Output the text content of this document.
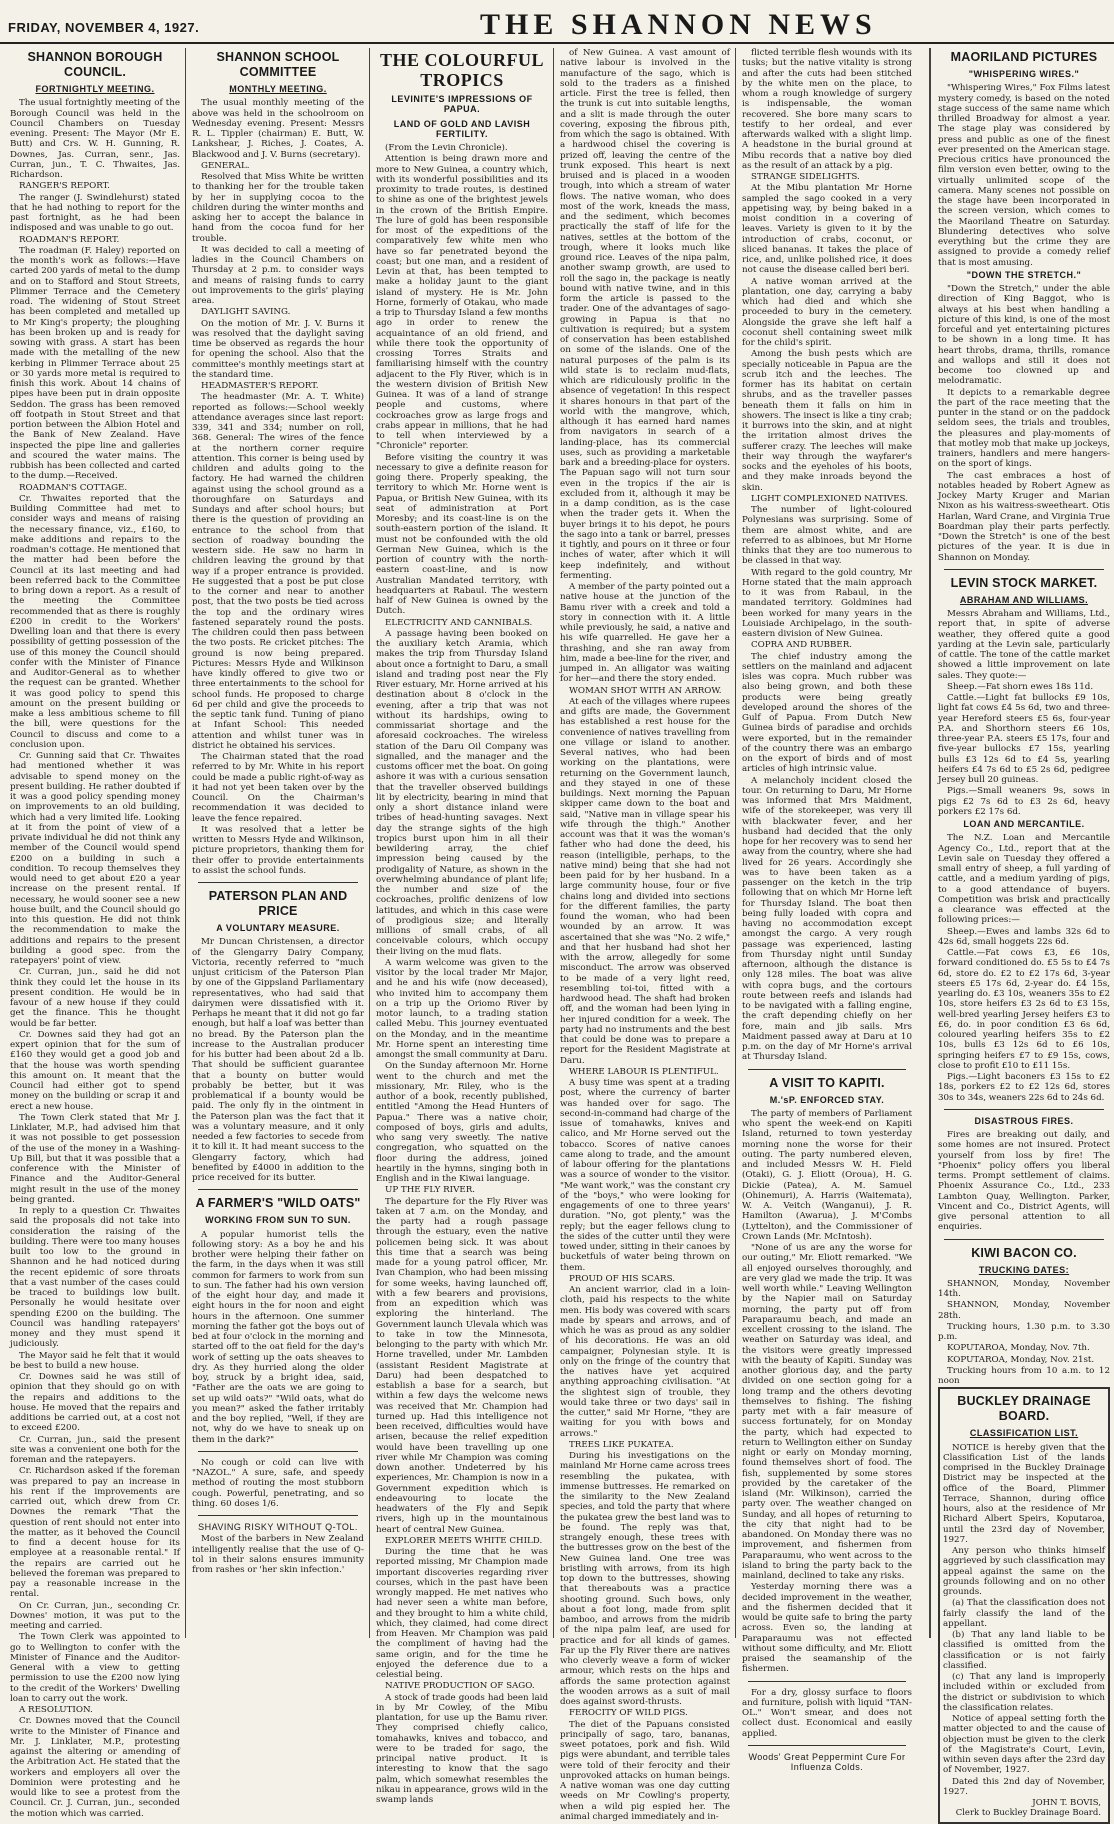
FRIDAY, NOVEMBER 4, 1927.	THE SHANNON NEWS
SHANNON BOROUGH COUNCIL.
FORTNIGHTLY MEETING.

The usual fortnightly meeting of the Borough Council was held in the Council Chambers on Tuesday evening. Present: The Mayor (Mr E. Butt) and Crs. W. H. Gunning, R. Downes, Jas. Curran, senr., Jas. Curran, jun., T. C. Thwaites, Jas. Richardson.

RANGER'S REPORT.

The ranger (J. Swindlehurst) stated that he had nothing to report for the past fortnight, as he had been indisposed and was unable to go out.

ROADMAN'S REPORT.

The roadman (F. Haley) reported on the month's work as follows:—Have carted 200 yards of metal to the dump and on to Stafford and Stout Streets, Plimmer Terrace and the Cemetery road. The widening of Stout Street has been completed and metalled up to Mr King's property; the ploughing has been broken up and is ready for sowing with grass. A start has been made with the metalling of the new kerbing in Plimmer Terrace about 25 or 30 yards more metal is required to finish this work. About 14 chains of pipes have been put in drain opposite Seddon. The grass has been removed off footpath in Stout Street and that portion between the Albion Hotel and the Bank of New Zealand. Have inspected the pipe line and galleries and scoured the water mains. The rubbish has been collected and carted to the dump.—Received.

ROADMAN'S COTTAGE.

Cr. Thwaites reported that the Building Committee had met to consider ways and means of raising the necessary finance, viz., £160, to make additions and repairs to the roadman's cottage. He mentioned that the matter had been before the Council at its last meeting and had been referred back to the Committee to bring down a report. As a result of the meeting the Committee recommended that as there is roughly £200 in credit to the Workers' Dwelling loan and that there is every possibility of getting possession of the use of this money the Council should confer with the Minister of Finance and Auditor-General as to whether the request can be granted. Whether it was good policy to spend this amount on the present building or make a less ambitious scheme to fill the bill, were questions for the Council to discuss and come to a conclusion upon.

Cr. Gunning said that Cr. Thwaites had mentioned whether it was advisable to spend money on the present building. He rather doubted if it was a good policy spending money on improvements to an old building, which had a very limited life. Looking at it from the point of view of a private individual he did not think any member of the Council would spend £200 on a building in such a condition. To recoup themselves they would need to get about £20 a year increase on the present rental. If necessary, he would sooner see a new house built, and the Council should go into this question. He did not think the recommendation to make the additions and repairs to the present building a good spec. from the ratepayers' point of view.

Cr. Curran, jun., said he did not think they could let the house in its present condition. He would be in favour of a new house if they could get the finance. This he thought would be far better.

Cr. Downes said they had got an expert opinion that for the sum of £160 they would get a good job and that the house was worth spending this amount on. It meant that the Council had either got to spend money on the building or scrap it and erect a new house.

The Town Clerk stated that Mr J. Linklater, M.P., had advised him that it was not possible to get possession of the use of the money in a Washing-Up Bill, but that it was possible that a conference with the Minister of Finance and the Auditor-General might result in the use of the money being granted.

In reply to a question Cr. Thwaites said the proposals did not take into consideration the raising of the building. There were too many houses built too low to the ground in Shannon and he had noticed during the recent epidemic of sore throats that a vast number of the cases could be traced to buildings low built. Personally he would hesitate over spending £200 on the building. The Council was handling ratepayers' money and they must spend it judiciously.

The Mayor said he felt that it would be best to build a new house.

Cr. Downes said he was still of opinion that they should go on with the repairs and additions to the house. He moved that the repairs and additions be carried out, at a cost not to exceed £200.

Cr. Curran, jun., said the present site was a convenient one both for the foreman and the ratepayers.

Cr. Richardson asked if the foreman was prepared to pay an increase in his rent if the improvements are carried out, which drew from Cr. Downes the remark "That the question of rent should not enter into the matter, as it behoved the Council to find a decent house for its employee at a reasonable rental." If the repairs are carried out he believed the foreman was prepared to pay a reasonable increase in the rental.

On Cr. Curran, jun., seconding Cr. Downes' motion, it was put to the meeting and carried.

The Town Clerk was appointed to go to Wellington to confer with the Minister of Finance and the Auditor-General with a view to getting permission to use the £200 now lying to the credit of the Workers' Dwelling loan to carry out the work.

A RESOLUTION.

Cr. Downes moved that the Council write to the Minister of Finance and Mr. J. Linklater, M.P., protesting against the altering or amending of the Arbitration Act. He stated that the workers and employers all over the Dominion were protesting and he would like to see a protest from the Council. Cr. J. Curran, jun., seconded the motion which was carried.

SHANNON SCHOOL COMMITTEE
MONTHLY MEETING.

The usual monthly meeting of the above was held in the schoolroom on Wednesday evening. Present: Messrs R. L. Tippler (chairman) E. Butt, W. Lankshear, J. Riches, J. Coates, A. Blackwood and J. V. Burns (secretary).

GENERAL.

Resolved that Miss White be written to thanking her for the trouble taken by her in supplying cocoa to the children during the winter months and asking her to accept the balance in hand from the cocoa fund for her trouble.

It was decided to call a meeting of ladies in the Council Chambers on Thursday at 2 p.m. to consider ways and means of raising funds to carry out improvements to the girls' playing area.

DAYLIGHT SAVING.

On the motion of Mr. J. V. Burns it was resolved that the daylight saving time be observed as regards the hour for opening the school. Also that the committee's monthly meetings start at the standard time.

HEADMASTER'S REPORT.

The headmaster (Mr. A. T. White) reported as follows:—School weekly attendance averages since last report: 339, 341 and 334; number on roll, 368. General: The wires of the fence at the northern corner require attention. This corner is being used by children and adults going to the factory. He had warned the children against using the school ground as a thoroughfare on Saturdays and Sundays and after school hours; but there is the question of providing an entrance to the school from that section of roadway bounding the western side. He saw no harm in children leaving the ground by that way if a proper entrance is provided. He suggested that a post be put close to the corner and near to another post, that the two posts be tied across the top and the ordinary wires fastened separately round the posts. The children could then pass between the two posts. Re cricket pitches: The ground is now being prepared. Pictures: Messrs Hyde and Wilkinson have kindly offered to give two or three entertainments to the school for school funds. He proposed to charge 6d per child and give the proceeds to the septic tank fund. Tuning of piano at Infant School: This needed attention and whilst tuner was in district he obtained his services.

The Chairman stated that the road referred to by Mr. White in his report could be made a public right-of-way as it had not yet been taken over by the Council. On the Chairman's recommendation it was decided to leave the fence repaired.

It was resolved that a letter be written to Messrs Hyde and Wilkinson, picture proprietors, thanking them for their offer to provide entertainments to assist the school funds.

PATERSON PLAN AND PRICE
A VOLUNTARY MEASURE.

Mr Duncan Christensen, a director of the Glengarry Dairy Company, Victoria, recently referred to "much unjust criticism of the Paterson Plan by one of the Gippsland Parliamentary representatives, who had said that dairymen were dissatisfied with it. Perhaps he meant that it did not go far enough, but half a loaf was better than no bread. By the Paterson plan the increase to the Australian producer for his butter had been about 2d a lb. That should be sufficient guarantee that a bounty on butter would probably be better, but it was problematical if a bounty would be paid. The only fly in the ointment in the Paterson plan was the fact that it was a voluntary measure, and it only needed a few factories to secede from it to kill it. It had meant success to the Glengarry factory, which had benefited by £4000 in addition to the price received for its butter.

A FARMER'S "WILD OATS"
WORKING FROM SUN TO SUN.

A popular humorist tells the following story: As a boy he and his brother were helping their father on the farm, in the days when it was still common for farmers to work from sun to sun. The father had his own version of the eight hour day, and made it eight hours in the for noon and eight hours in the afternoon. One summer morning the father got the boys out of bed at four o'clock in the morning and started off to the oat field for the day's work of setting up the oats sheaves to dry. As they hurried along the older boy, struck by a bright idea, said, "Father are the oats we are going to set up wild oats?" "Wild oats, what do you mean?" asked the father irritably and the boy replied, "Well, if they are not, why do we have to sneak up on them in the dark?"

No cough or cold can live with "NAZOL." A sure, safe, and speedy method of routing the most stubborn cough. Powerful, penetrating, and so thing. 60 doses 1/6.

SHAVING RISKY WITHOUT Q-TOL.

Most of the barbers in New Zealand intelligently realise that the use of Q-tol in their salons ensures immunity from rashes or 'her skin infection.'

THE COLOURFUL TROPICS
LEVINITE'S IMPRESSIONS OF PAPUA.
LAND OF GOLD AND LAVISH FERTILITY.

(From the Levin Chronicle).

Attention is being drawn more and more to New Guinea, a country which, with its wonderful possibilities and its proximity to trade routes, is destined to shine as one of the brightest jewels in the crown of the British Empire. The lure of gold has been responsible for most of the expeditions of the comparatively few white men who have so far penetrated beyond the coast; but one man, and a resident of Levin at that, has been tempted to make a holiday jaunt to the giant island of mystery. He is Mr. John Horne, formerly of Otakau, who made a trip to Thursday Island a few months ago in order to renew the acquaintance of an old friend, and while there took the opportunity of crossing Torres Straits and familiarising himself with the country adjacent to the Fly River, which is in the western division of British New Guinea. It was of a land of strange people and customs, where cockroaches grow as large frogs and crabs appear in millions, that he had to tell when interviewed by a "Chronicle" reporter.

Before visiting the country it was necessary to give a definite reason for going there. Properly speaking, the territory to which Mr. Horne went is Papua, or British New Guinea, with its seat of administration at Port Moresby; and its coast-line is on the south-eastern portion of the island. It must not be confounded with the old German New Guinea, which is the portion of country with the north-eastern coast-line, and is now Australian Mandated territory, with headquarters at Rabaul. The western half of New Guinea is owned by the Dutch.

ELECTRICITY AND CANNIBALS.

A passage having been booked on the auxiliary ketch Aramia, which makes the trip from Thursday Island about once a fortnight to Daru, a small island and trading post near the Fly River estuary, Mr. Horne arrived at his destination about 8 o'clock in the evening, after a trip that was not without its hardships, owing to commissariat shortage and the aforesaid cockroaches. The wireless station of the Daru Oil Company was signalled, and the manager and the customs officer met the boat. On going ashore it was with a curious sensation that the traveller observed buildings lit by electricity, bearing in mind that only a short distance inland were tribes of head-hunting savages. Next day the strange sights of the high tropics burst upon him in all their bewildering array, the chief impression being caused by the prodigality of Nature, as shown in the overwhelming abundance of plant life; the number and size of the cockroaches, prolific denizens of low latitudes, and which in this case were of prodigious size; and literally millions of small crabs, of all conceivable colours, which occupy their living on the mud flats.

A warm welcome was given to the visitor by the local trader Mr Major, and he and his wife (now deceased), who invited him to accompany them on a trip up the Oriomo River by motor launch, to a trading station called Mebu. This journey eventuated on the Monday, and in the meantime Mr. Horne spent an interesting time amongst the small community at Daru.

On the Sunday afternoon Mr. Horne went to the church and met the missionary, Mr. Riley, who is the author of a book, recently published, entitled "Among the Head Hunters of Papua." There was a native choir, composed of boys, girls and adults, who sang very sweetly. The native congregation, who squatted on the floor during the address, joined heartily in the hymns, singing both in English and in the Kiwai language.

UP THE FLY RIVER.

The departure for the Fly River was taken at 7 a.m. on the Monday, and the party had a rough passage through the estuary, even the native policemen being sick. It was about this time that a search was being made for a young patrol officer, Mr. Ivan Champion, who had been missing for some weeks, having launched off, with a few bearers and provisions, from an expedition which was exploring the hinterland. The Government launch Ulevala which was to take in tow the Minnesota, belonging to the party with which Mr. Horne travelled, under Mr. Lambden (assistant Resident Magistrate at Daru) had been despatched to establish a base for a search, but within a few days the welcome news was received that Mr. Champion had turned up. Had this intelligence not been received, difficulties would have arisen, because the relief expedition would have been travelling up one river while Mr Champion was coming down another. Undeterred by his experiences, Mr. Champion is now in a Government expedition which is endeavouring to locate the headwaters of the Fly and Sepik rivers, high up in the mountainous heart of central New Guinea.

EXPLORER MEETS WHITE CHILD.

During the time that he was reported missing, Mr Champion made important discoveries regarding river courses, which in the past have been wrongly mapped. He met natives who had never seen a white man before, and they brought to him a white child, which, they claimed, had come direct from Heaven. Mr Champion was paid the compliment of having had the same origin, and for the time he enjoyed the deference due to a celestial being.

NATIVE PRODUCTION OF SAGO.

A stock of trade goods had been laid in by Mr Cowley, of the Mibu plantation, for use up the Bamu river. They comprised chiefly calico, tomahawks, knives and tobacco, and were to be traded for sago, the principal native product. It is interesting to know that the sago palm, which somewhat resembles the nikau in appearance, grows wild in the swamp lands

of New Guinea. A vast amount of native labour is involved in the manufacture of the sago, which is sold to the traders as a finished article. First the tree is felled, then the trunk is cut into suitable lengths, and a slit is made through the outer covering, exposing the fibrous pith, from which the sago is obtained. With a hardwood chisel the covering is prized off, leaving the centre of the trunk exposed. This heart is next bruised and is placed in a wooden trough, into which a stream of water flows. The native woman, who does most of the work, kneads the mass, and the sediment, which becomes practically the staff of life for the natives, settles at the bottom of the trough, where it looks much like ground rice. Leaves of the nipa palm, another swamp growth, are used to roll the sago in, the package is neatly bound with native twine, and in this form the article is passed to the trader. One of the advantages of sago-growing in Papua is that no cultivation is required; but a system of conservation has been established on some of the islands. One of the natural purposes of the palm is its wild state is to reclaim mud-flats, which are ridiculously prolific in the absence of vegetation! In this respect it shares honours in that part of the world with the mangrove, which, although it has earned hard names from navigators in search of a landing-place, has its commercial uses, such as providing a marketable bark and a breeding-place for oysters. The Papuan sago will not turn sour even in the tropics if the air is excluded from it, although it may be in a damp condition, as is the case when the trader gets it. When the buyer brings it to his depot, he pours the sago into a tank or barrel, presses it tightly, and pours on it three or four inches of water, after which it will keep indefinitely, and without fermenting.

A member of the party pointed out a native house at the junction of the Bamu river with a creek and told a story in connection with it. A little while previously, he said, a native and his wife quarrelled. He gave her a thrashing, and she ran away from him, made a bee-line for the river, and jumped in. An alligator was waiting for her—and there the story ended.

WOMAN SHOT WITH AN ARROW.

At each of the villages where rupees and gifts are made, the Government has established a rest house for the convenience of natives travelling from one village or island to another. Several natives, who had been working on the plantations, were returning on the Government launch, and they stayed in one of these buildings. Next morning the Papuan skipper came down to the boat and said, "Native man in village spear his wife through the thigh." Another account was that it was the woman's father who had done the deed, his reason (intelligible, perhaps, to the native mind) being that she had not been paid for by her husband. In a large community house, four or five chains long and divided into sections for the different families, the party found the woman, who had been wounded by an arrow. It was ascertained that she was "No. 2 wife," and that her husband had shot her with the arrow, allegedly for some misconduct. The arrow was observed to be made of a very light reed, resembling toi-toi, fitted with a hardwood head. The shaft had broken off, and the woman had been lying in her injured condition for a week. The party had no instruments and the best that could be done was to prepare a report for the Resident Magistrate at Daru.

WHERE LABOUR IS PLENTIFUL.

A busy time was spent at a trading post, where the currency of barter was handed over for sago. The second-in-command had charge of the issue of tomahawks, knives and calico, and Mr Horne served out the tobacco. Scores of native canoes came along to trade, and the amount of labour offering for the plantations was a source of wonder to the visitor. "Me want work," was the constant cry of the "boys," who were looking for engagements of one to three years' duration. "No, got plenty," was the reply; but the eager fellows clung to the sides of the cutter until they were towed under, sitting in their canoes by bucketfuls of water being thrown on them.

PROUD OF HIS SCARS.

An ancient warrior, clad in a loin-cloth, paid his respects to the white men. His body was covered with scars made by spears and arrows, and of which he was as proud as any soldier of his decorations. He was an old campaigner, Polynesian style. It is only on the fringe of the country that the natives have yet acquired anything approaching civilisation. "At the slightest sign of trouble, they would take three or two days' sail in the cutter," said Mr Horne, "they are waiting for you with bows and arrows."

TREES LIKE PUKATEA.

During his investigations on the mainland Mr Horne came across trees resembling the pukatea, with immense buttresses. He remarked on the similarity to the New Zealand species, and told the party that where the pukatea grew the best land was to be found. The reply was that, strangely enough, these trees with the buttresses grow on the best of the New Guinea land. One tree was bristling with arrows, from its high top down to the buttresses, showing that thereabouts was a practice shooting ground. Such bows, only about a foot long, made from split bamboo, and arrows from the midrib of the nipa palm leaf, are used for practice and for all kinds of games. Far up the Fly River there are natives who cleverly weave a form of wicker armour, which rests on the hips and affords the same protection against the wooden arrows as a suit of mail does against sword-thrusts.

FEROCITY OF WILD PIGS.

The diet of the Papuans consisted principally of sago, taro, bananas, sweet potatoes, pork and fish. Wild pigs were abundant, and terrible tales were told of their ferocity and their unprovoked attacks on human beings. A native woman was one day cutting weeds on Mr Cowling's property, when a wild pig espied her. The animal charged immediately and in-

flicted terrible flesh wounds with its tusks; but the native vitality is strong and after the cuts had been stitched by the white men on the place, to whom a rough knowledge of surgery is indispensable, the woman recovered. She bore many scars to testify to her ordeal, and ever afterwards walked with a slight limp. A headstone in the burial ground at Mibu records that a native boy died as the result of an attack by a pig.

STRANGE SIDELIGHTS.

At the Mibu plantation Mr Horne sampled the sago cooked in a very appetising way, by being baked in a moist condition in a covering of leaves. Variety is given to it by the introduction of crabs, coconut, or sliced bananas. It takes the place of rice, and, unlike polished rice, it does not cause the disease called beri beri.

A native woman arrived at the plantation, one day, carrying a baby which had died and which she proceeded to bury in the cemetery. Alongside the grave she left half a coconut shell containing sweet milk for the child's spirit.

Among the bush pests which are specially noticeable in Papua are the scrub itch and the leeches. The former has its habitat on certain shrubs, and as the traveller passes beneath them it falls on him in showers. The insect is like a tiny crab; it burrows into the skin, and at night the irritation almost drives the sufferer crazy. The leeches will make their way through the wayfarer's socks and the eyeholes of his boots, and they make inroads beyond the skin.

LIGHT COMPLEXIONED NATIVES.

The number of light-coloured Polynesians was surprising. Some of them are almost white, and are referred to as albinoes, but Mr Horne thinks that they are too numerous to be classed in that way.

With regard to the gold country, Mr Horne stated that the main approach to it was from Rabaul, in the mandated territory. Goldmines had been worked for many years in the Louisiade Archipelago, in the south-eastern division of New Guinea.

COPRA AND RUBBER.

The chief industry among the settlers on the mainland and adjacent isles was copra. Much rubber was also being grown, and both these products were being greatly developed around the shores of the Gulf of Papua. From Dutch New Guinea birds of paradise and orchids were exported, but in the remainder of the country there was an embargo on the export of birds and of most articles of high intrinsic value.

A melancholy incident closed the tour. On returning to Daru, Mr Horne was informed that Mrs Maidment, wife of the storekeeper, was very ill with blackwater fever, and her husband had decided that the only hope for her recovery was to send her away from the country, where she had lived for 26 years. Accordingly she was to have been taken as a passenger on the ketch in the trip following that on which Mr Horne left for Thursday Island. The boat then being fully loaded with copra and having no accommodation except amongst the cargo. A very rough passage was experienced, lasting from Thursday night until Sunday afternoon, although the distance is only 128 miles. The boat was alive with copra bugs, and the cortours route between reefs and islands had to be navigated with a falling engine, the craft depending chiefly on her fore, main and jib sails. Mrs Maidment passed away at Daru at 10 p.m. on the day of Mr Horne's arrival at Thursday Island.

A VISIT TO KAPITI.
M.'sP. ENFORCED STAY.

The party of members of Parliament who spent the week-end on Kapiti Island, returned to town yesterday morning none the worse for their outing. The party numbered eleven, and included Messrs W. H. Field (Otaki), G. J. Eliott (Oroua), H. G. Dickie (Patea), A. M. Samuel (Ohinemuri), A. Harris (Waitemata), W. A. Veitch (Wanganui), J. R. Hamilton (Awarua), J. M'Combs (Lyttelton), and the Commissioner of Crown Lands (Mr. McIntosh).

"None of us are any the worse for our outing," Mr. Eliott remarked. "We all enjoyed ourselves thoroughly, and are very glad we made the trip. It was well worth while." Leaving Wellington by the Napier mail on Saturday morning, the party put off from Paraparaumu beach, and made an excellent crossing to the island. The weather on Saturday was ideal, and the visitors were greatly impressed with the beauty of Kapiti. Sunday was another glorious day, and the party divided on one section going for a long tramp and the others devoting themselves to fishing. The fishing party met with a fair measure of success fortunately, for on Monday the party, which had expected to return to Wellington either on Sunday night or early on Monday morning, found themselves short of food. The fish, supplemented by some stores provided by the caretaker of the island (Mr. Wilkinson), carried the party over. The weather changed on Sunday, and all hopes of returning to the city that night had to be abandoned. On Monday there was no improvement, and fishermen from Paraparaumu, who went across to the island to bring the party back to the mainland, declined to take any risks.

Yesterday morning there was a decided improvement in the weather, and the fishermen decided that it would be quite safe to bring the party across. Even so, the landing at Paraparaumu was not effected without some difficulty, and Mr. Eliott praised the seamanship of the fishermen.

For a dry, glossy surface to floors and furniture, polish with liquid "TAN-OL." Won't smear, and does not collect dust. Economical and easily applied.

Woods' Great Peppermint Cure For Influenza Colds.
MAORILAND PICTURES
"WHISPERING WIRES."

"Whispering Wires," Fox Films latest mystery comedy, is based on the noted stage success of the same name which thrilled Broadway for almost a year. The stage play was considered by press and public as one of the finest ever presented on the American stage. Precious critics have pronounced the film version even better, owing to the virtually unlimited scope of the camera. Many scenes not possible on the stage have been incorporated in the screen version, which comes to the Maoriland Theatre on Saturday. Blundering detectives who solve everything but the crime they are assigned to provide a comedy relief that is most amusing.

"DOWN THE STRETCH."

"Down the Stretch," under the able direction of King Baggot, who is always at his best when handling a picture of this kind, is one of the most forceful and yet entertaining pictures to be shown in a long time. It has heart throbs, drama, thrills, romance and wallops and still it does not become too clowned up and melodramatic.

It depicts to a remarkable degree the part of the race meeting that the punter in the stand or on the paddock seldom sees, the trials and troubles, the pleasures and play-moments of that motley mob that make up jockeys, trainers, handlers and mere hangers-on the sport of kings.

The cast embraces a host of notables headed by Robert Agnew as Jockey Marty Kruger and Marian Nixon as his waitress-sweetheart. Otis Harlan, Ward Crane, and Virginia True Boardman play their parts perfectly. "Down the Stretch" is one of the best pictures of the year. It is due in Shannon on Monday.

LEVIN STOCK MARKET.
ABRAHAM AND WILLIAMS.

Messrs Abraham and Williams, Ltd., report that, in spite of adverse weather, they offered quite a good yarding at the Levin sale, particularly of cattle. The tone of the cattle market showed a little improvement on late sales. They quote:—

Sheep.—Fat shorn ewes 18s 11d.

Cattle.—Light fat bullocks £9 10s, light fat cows £4 5s 6d, two and three-year Hereford steers £5 6s, four-year P.A. and Shorthorn steers £6 10s, three-year P.A. steers £5 17s, four and five-year bullocks £7 15s, yearling bulls £3 12s 6d to £4 5s, yearling heifers £4 7s 6d to £5 2s 6d, pedigree Jersey bull 20 guineas.

Pigs.—Small weaners 9s, sows in pigs £2 7s 6d to £3 2s 6d, heavy porkers £2 17s 6d.

LOAN AND MERCANTILE.

The N.Z. Loan and Mercantile Agency Co., Ltd., report that at the Levin sale on Tuesday they offered a small entry of sheep, a full yarding of cattle, and a medium yarding of pigs, to a good attendance of buyers. Competition was brisk and practically a clearance was effected at the following prices:—

Sheep.—Ewes and lambs 32s 6d to 42s 6d, small hoggets 22s 6d.

Cattle.—Fat cows £3, £6 10s, forward conditioned do. £5 5s to £4 7s 6d, store do. £2 to £2 17s 6d, 3-year steers £5 17s 6d, 2-year do. £4 15s, yearling do. £3 10s, weaners 35s to £2 10s, store heifers £3 2s 6d to £3 15s, well-bred yearling Jersey heifers £3 to £6, do. in poor condition £3 6s 6d, coloured yearling heifers 35s to £2 10s, bulls £3 12s 6d to £6 10s, springing heifers £7 to £9 15s, cows, close to profit £10 to £11 15s.

Pigs.—Light baconers £3 15s to £2 18s, porkers £2 to £2 12s 6d, stores 30s to 34s, weaners 22s 6d to 24s 6d.

DISASTROUS FIRES.

Fires are breaking out daily, and some homes are not insured. Protect yourself from loss by fire! The "Phoenix" policy offers you liberal terms. Prompt settlement of claims. Phoenix Assurance Co., Ltd., 233 Lambton Quay, Wellington. Parker, Vincent and Co., District Agents, will give personal attention to all enquiries.

KIWI BACON CO.
TRUCKING DATES:

SHANNON, Monday, November 14th.

SHANNON, Monday, November 28th.

Trucking hours, 1.30 p.m. to 3.30 p.m.

KOPUTAROA, Monday, Nov. 7th.

KOPUTAROA, Monday, Nov. 21st.

Trucking hours from 10 a.m. to 12 noon

BUCKLEY DRAINAGE BOARD.
CLASSIFICATION LIST.

NOTICE is hereby given that the Classification List of the lands comprised in the Buckley Drainage District may be inspected at the office of the Board, Plimmer Terrace, Shannon, during office hours, also at the residence of Mr Richard Albert Speirs, Koputaroa, until the 23rd day of November, 1927.

Any person who thinks himself aggrieved by such classification may appeal against the same on the grounds following and on no other grounds.

(a) That the classification does not fairly classify the land of the appellant.

(b) That any land liable to be classified is omitted from the classification or is not fairly classified.

(c) That any land is improperly included within or excluded from the district or subdivision to which the classification relates.

Notice of appeal setting forth the matter objected to and the cause of objection must be given to the clerk of the Magistrate's Court, Levin, within seven days after the 23rd day of November, 1927.

Dated this 2nd day of November, 1927.

JOHN T. BOVIS,
Clerk to Buckley Drainage Board.
